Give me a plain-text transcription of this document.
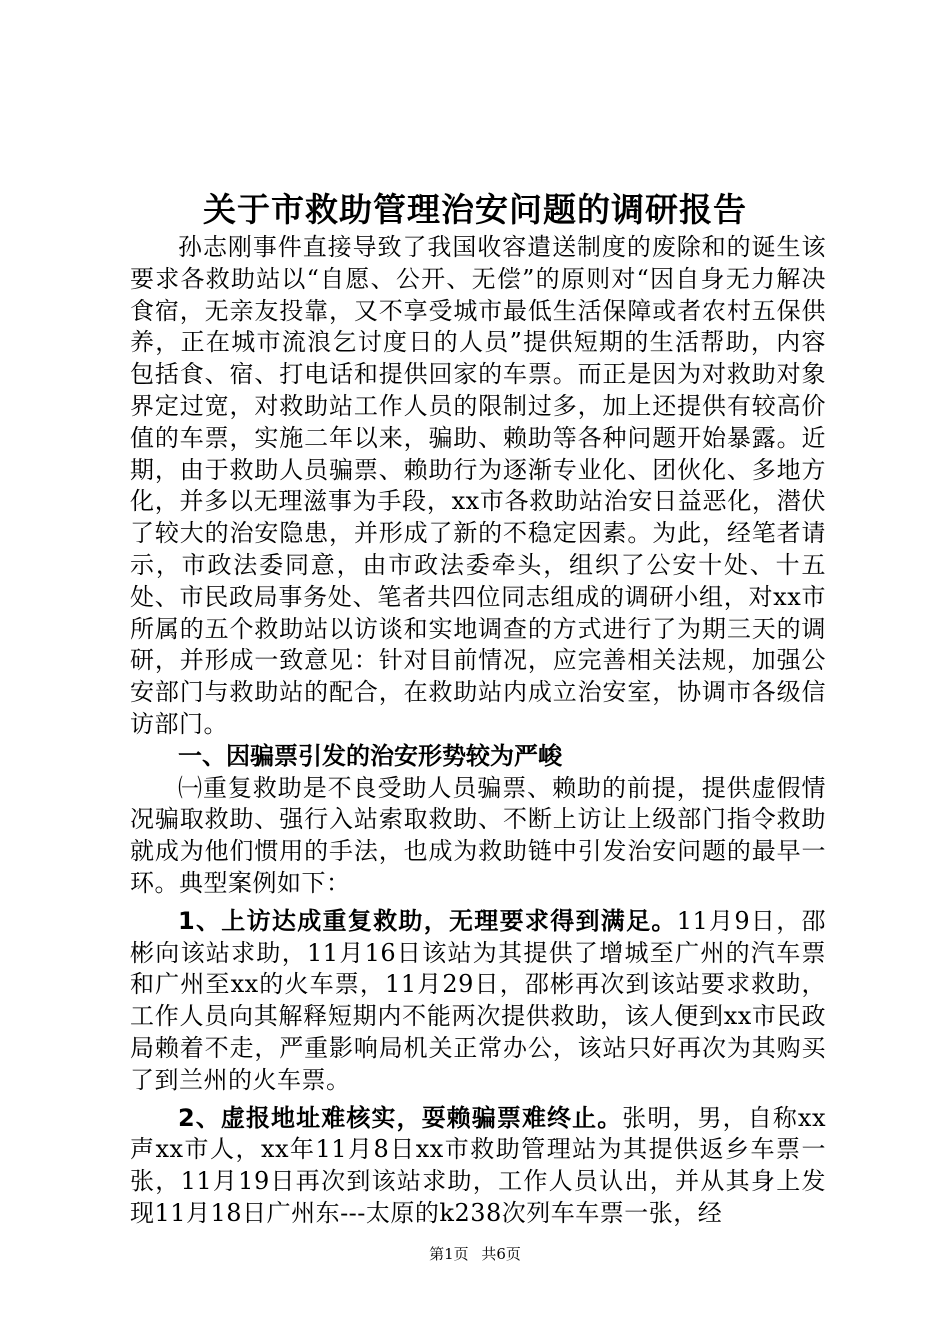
关于市救助管理治安问题的调研报告

孙志刚事件直接导致了我国收容遣送制度的废除和的诞生该要求各救助站以“自愿、公开、无偿”的原则对“因自身无力解决食宿，无亲友投靠，又不享受城市最低生活保障或者农村五保供养，正在城市流浪乞讨度日的人员”提供短期的生活帮助，内容包括食、宿、打电话和提供回家的车票。而正是因为对救助对象界定过宽，对救助站工作人员的限制过多，加上还提供有较高价值的车票，实施二年以来，骗助、赖助等各种问题开始暴露。近期，由于救助人员骗票、赖助行为逐渐专业化、团伙化、多地方化，并多以无理滋事为手段，xx市各救助站治安日益恶化，潜伏了较大的治安隐患，并形成了新的不稳定因素。为此，经笔者请示，市政法委同意，由市政法委牵头，组织了公安十处、十五处、市民政局事务处、笔者共四位同志组成的调研小组，对xx市所属的五个救助站以访谈和实地调查的方式进行了为期三天的调研，并形成一致意见：针对目前情况，应完善相关法规，加强公安部门与救助站的配合，在救助站内成立治安室，协调市各级信访部门。

一、因骗票引发的治安形势较为严峻

㈠重复救助是不良受助人员骗票、赖助的前提，提供虚假情况骗取救助、强行入站索取救助、不断上访让上级部门指令救助就成为他们惯用的手法，也成为救助链中引发治安问题的最早一环。典型案例如下：

1、上访达成重复救助，无理要求得到满足。11月9日，邵彬向该站求助，11月16日该站为其提供了增城至广州的汽车票和广州至xx的火车票，11月29日，邵彬再次到该站要求救助，工作人员向其解释短期内不能两次提供救助，该人便到xx市民政局赖着不走，严重影响局机关正常办公，该站只好再次为其购买了到兰州的火车票。

2、虚报地址难核实，耍赖骗票难终止。张明，男，自称xx声xx市人，xx年11月8日xx市救助管理站为其提供返乡车票一张，11月19日再次到该站求助，工作人员认出，并从其身上发现11月18日广州东---太原的k238次列车车票一张，经

第1页 共6页
